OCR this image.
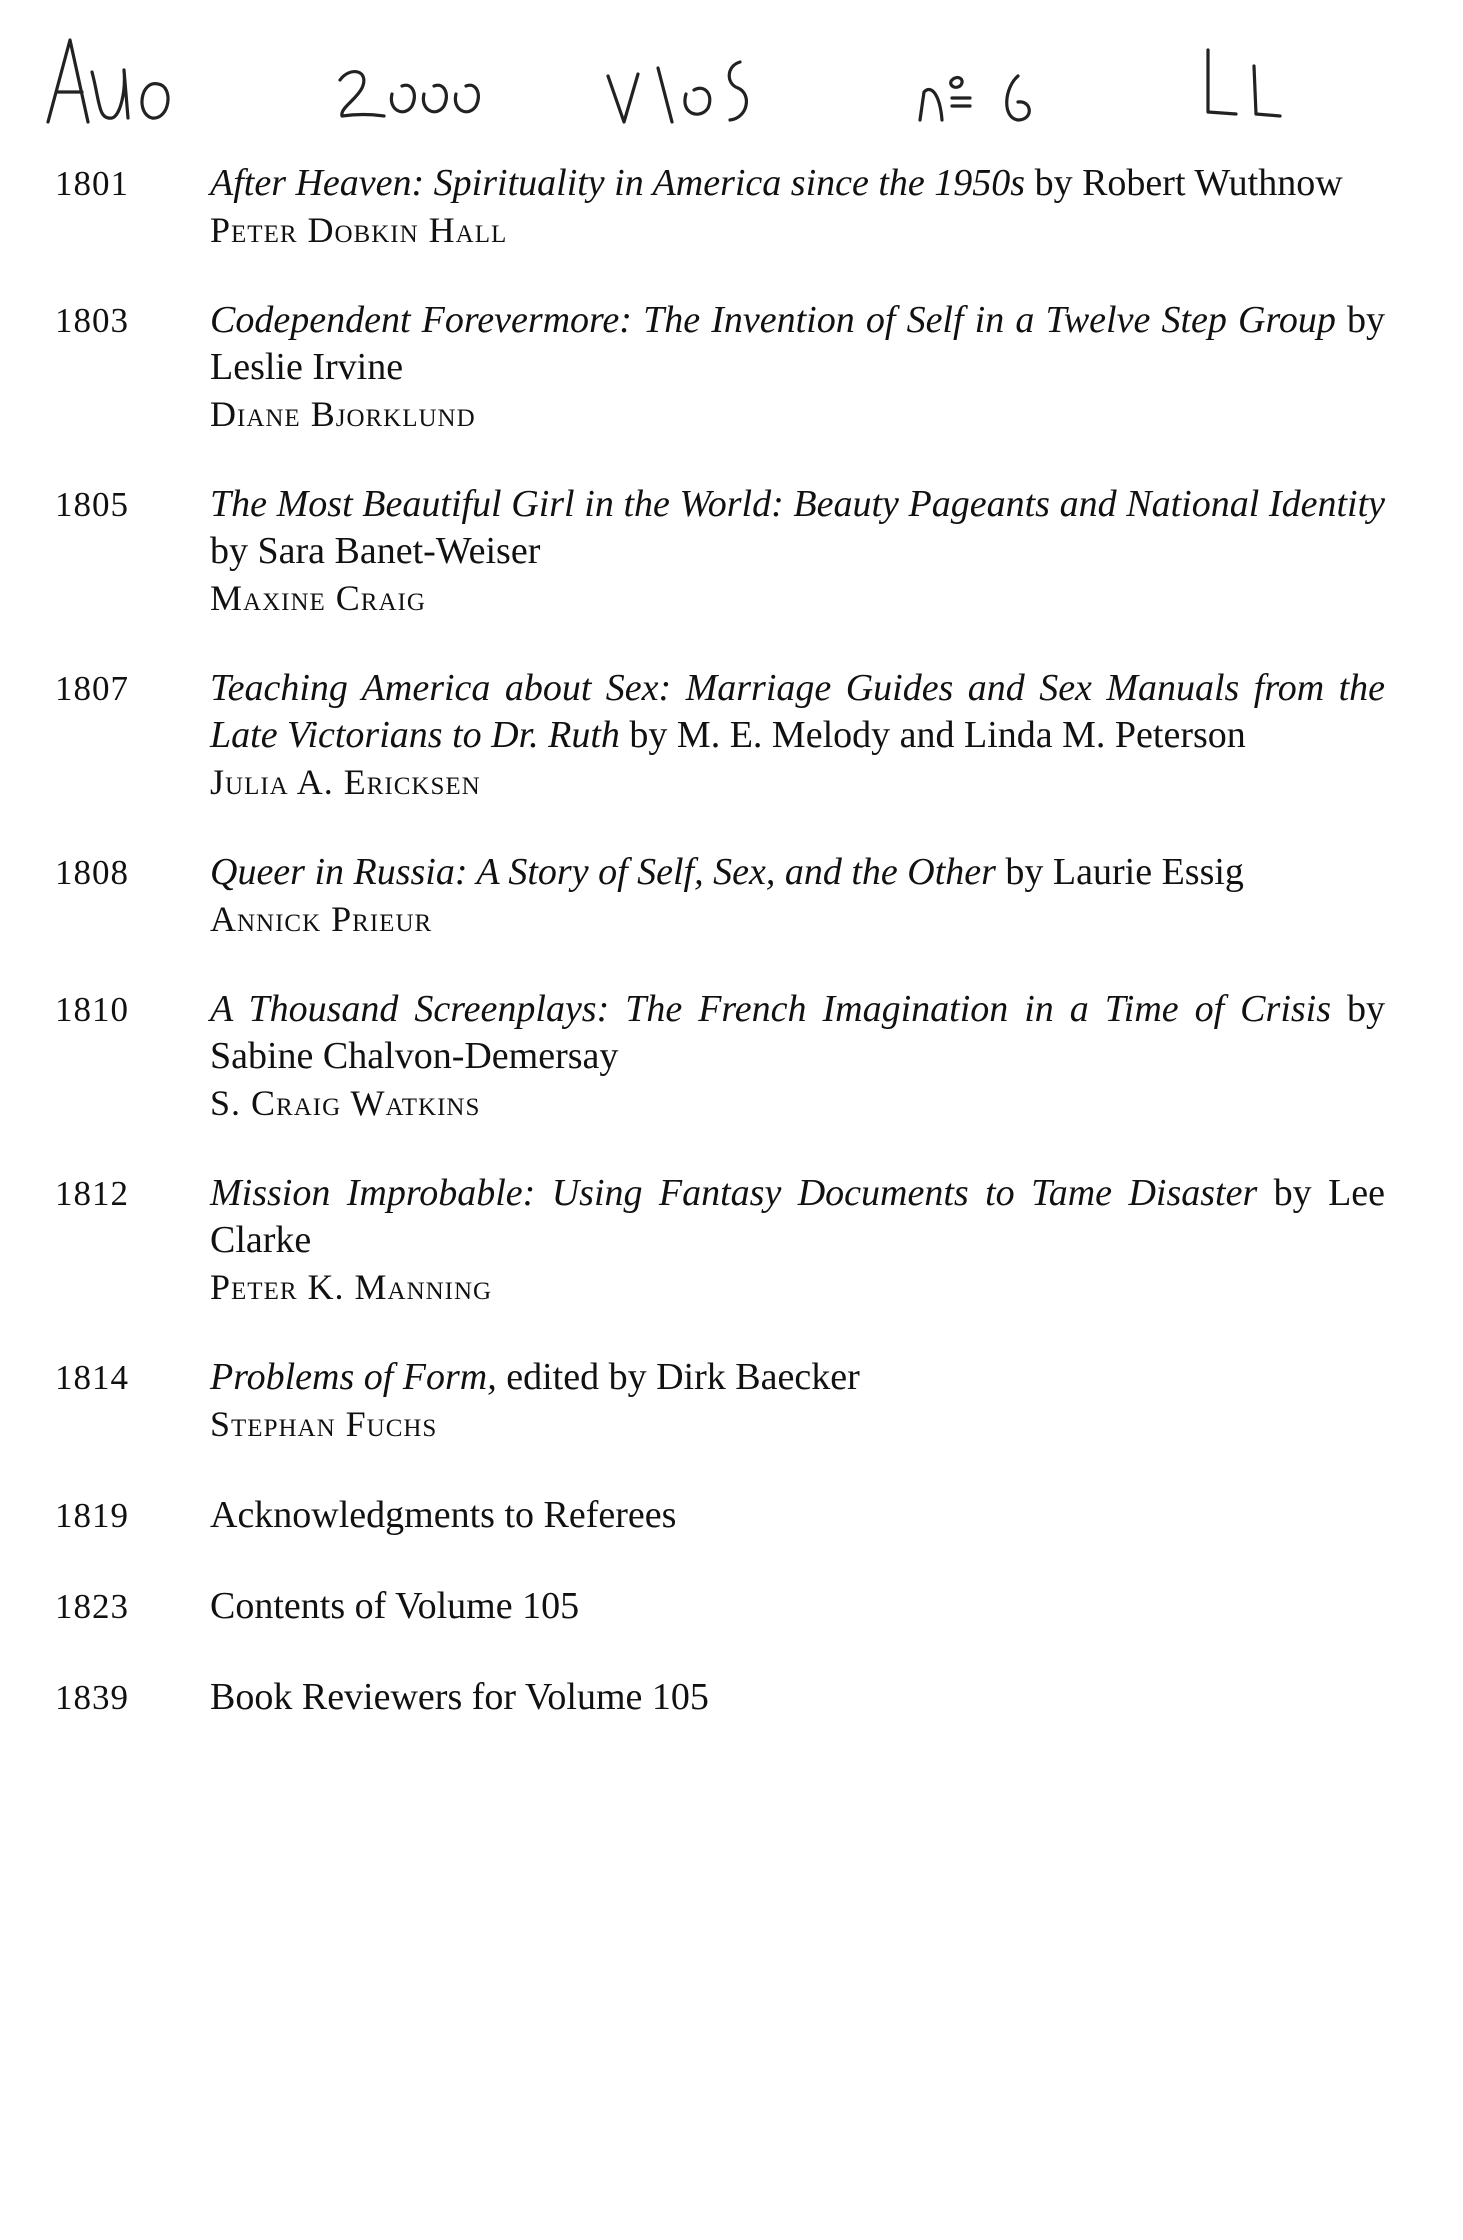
1801	After Heaven: Spirituality in America since the 1950s by Robert Wuthnow
Peter Dobkin Hall
1803	Codependent Forevermore: The Invention of Self in a Twelve Step Group by Leslie Irvine
Diane Bjorklund
1805	The Most Beautiful Girl in the World: Beauty Pageants and National Identity by Sara Banet-Weiser
Maxine Craig
1807	Teaching America about Sex: Marriage Guides and Sex Manuals from the Late Victorians to Dr. Ruth by M. E. Melody and Linda M. Peterson
Julia A. Ericksen
1808	Queer in Russia: A Story of Self, Sex, and the Other by Laurie Essig
Annick Prieur
1810	A Thousand Screenplays: The French Imagination in a Time of Crisis by Sabine Chalvon-Demersay
S. Craig Watkins
1812	Mission Improbable: Using Fantasy Documents to Tame Disaster by Lee Clarke
Peter K. Manning
1814	Problems of Form, edited by Dirk Baecker
Stephan Fuchs
1819	Acknowledgments to Referees
1823	Contents of Volume 105
1839	Book Reviewers for Volume 105
